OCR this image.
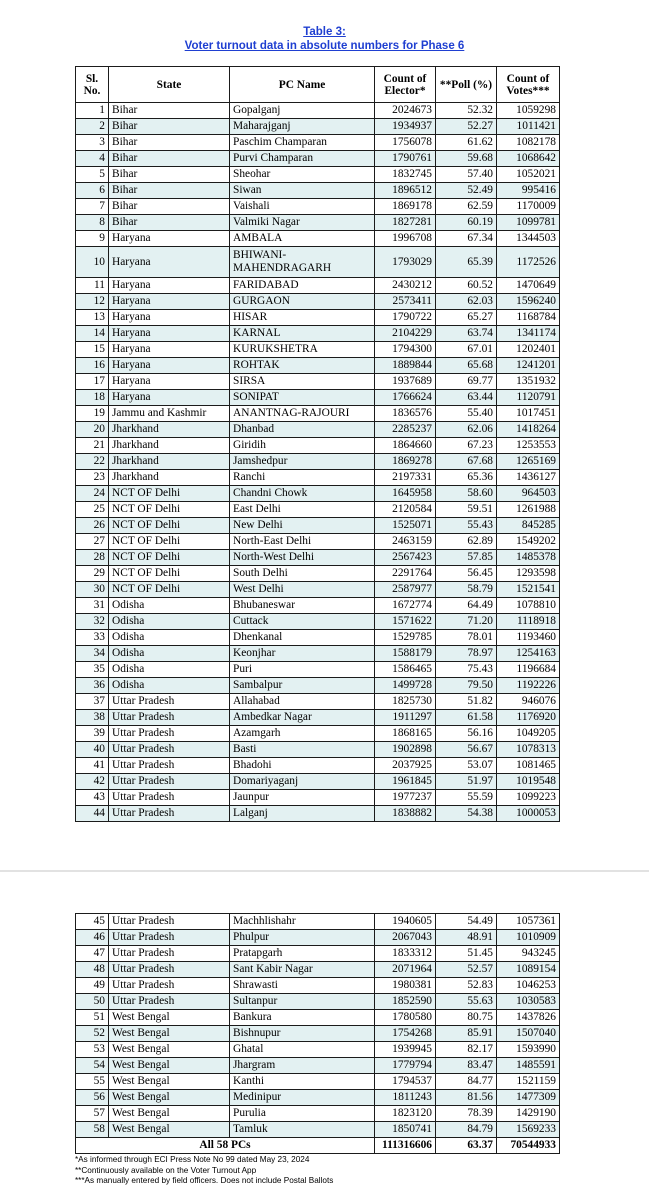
Table 3:
Voter turnout data in absolute numbers for Phase 6
Sl. No.	State	PC Name	Count of Elector*	**Poll (%)	Count of Votes***
1	Bihar	Gopalganj	2024673	52.32	1059298
2	Bihar	Maharajganj	1934937	52.27	1011421
3	Bihar	Paschim Champaran	1756078	61.62	1082178
4	Bihar	Purvi Champaran	1790761	59.68	1068642
5	Bihar	Sheohar	1832745	57.40	1052021
6	Bihar	Siwan	1896512	52.49	995416
7	Bihar	Vaishali	1869178	62.59	1170009
8	Bihar	Valmiki Nagar	1827281	60.19	1099781
9	Haryana	AMBALA	1996708	67.34	1344503
10	Haryana	BHIWANI-MAHENDRAGARH	1793029	65.39	1172526
11	Haryana	FARIDABAD	2430212	60.52	1470649
12	Haryana	GURGAON	2573411	62.03	1596240
13	Haryana	HISAR	1790722	65.27	1168784
14	Haryana	KARNAL	2104229	63.74	1341174
15	Haryana	KURUKSHETRA	1794300	67.01	1202401
16	Haryana	ROHTAK	1889844	65.68	1241201
17	Haryana	SIRSA	1937689	69.77	1351932
18	Haryana	SONIPAT	1766624	63.44	1120791
19	Jammu and Kashmir	ANANTNAG-RAJOURI	1836576	55.40	1017451
20	Jharkhand	Dhanbad	2285237	62.06	1418264
21	Jharkhand	Giridih	1864660	67.23	1253553
22	Jharkhand	Jamshedpur	1869278	67.68	1265169
23	Jharkhand	Ranchi	2197331	65.36	1436127
24	NCT OF Delhi	Chandni Chowk	1645958	58.60	964503
25	NCT OF Delhi	East Delhi	2120584	59.51	1261988
26	NCT OF Delhi	New Delhi	1525071	55.43	845285
27	NCT OF Delhi	North-East Delhi	2463159	62.89	1549202
28	NCT OF Delhi	North-West Delhi	2567423	57.85	1485378
29	NCT OF Delhi	South Delhi	2291764	56.45	1293598
30	NCT OF Delhi	West Delhi	2587977	58.79	1521541
31	Odisha	Bhubaneswar	1672774	64.49	1078810
32	Odisha	Cuttack	1571622	71.20	1118918
33	Odisha	Dhenkanal	1529785	78.01	1193460
34	Odisha	Keonjhar	1588179	78.97	1254163
35	Odisha	Puri	1586465	75.43	1196684
36	Odisha	Sambalpur	1499728	79.50	1192226
37	Uttar Pradesh	Allahabad	1825730	51.82	946076
38	Uttar Pradesh	Ambedkar Nagar	1911297	61.58	1176920
39	Uttar Pradesh	Azamgarh	1868165	56.16	1049205
40	Uttar Pradesh	Basti	1902898	56.67	1078313
41	Uttar Pradesh	Bhadohi	2037925	53.07	1081465
42	Uttar Pradesh	Domariyaganj	1961845	51.97	1019548
43	Uttar Pradesh	Jaunpur	1977237	55.59	1099223
44	Uttar Pradesh	Lalganj	1838882	54.38	1000053
45	Uttar Pradesh	Machhlishahr	1940605	54.49	1057361
46	Uttar Pradesh	Phulpur	2067043	48.91	1010909
47	Uttar Pradesh	Pratapgarh	1833312	51.45	943245
48	Uttar Pradesh	Sant Kabir Nagar	2071964	52.57	1089154
49	Uttar Pradesh	Shrawasti	1980381	52.83	1046253
50	Uttar Pradesh	Sultanpur	1852590	55.63	1030583
51	West Bengal	Bankura	1780580	80.75	1437826
52	West Bengal	Bishnupur	1754268	85.91	1507040
53	West Bengal	Ghatal	1939945	82.17	1593990
54	West Bengal	Jhargram	1779794	83.47	1485591
55	West Bengal	Kanthi	1794537	84.77	1521159
56	West Bengal	Medinipur	1811243	81.56	1477309
57	West Bengal	Purulia	1823120	78.39	1429190
58	West Bengal	Tamluk	1850741	84.79	1569233
All 58 PCs			111316606	63.37	70544933
*As informed through ECI Press Note No 99 dated May 23, 2024
**Continuously available on the Voter Turnout App
***As manually entered by field officers. Does not include Postal Ballots
